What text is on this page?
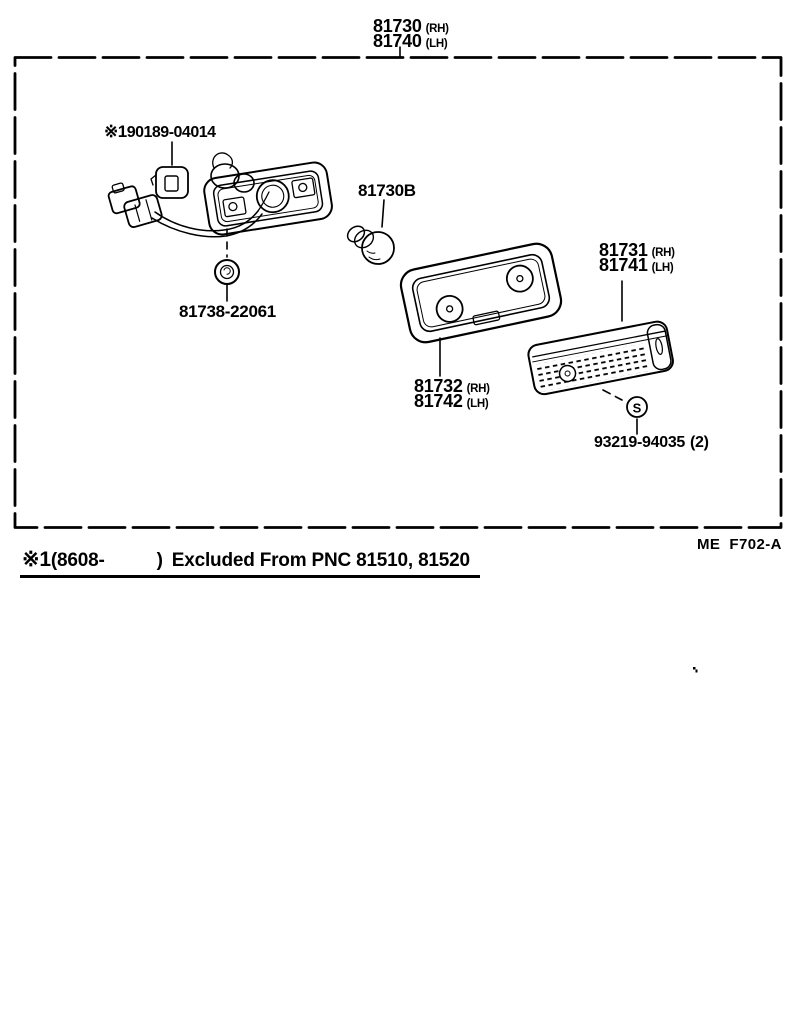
S
81730 (RH)
81740 (LH)
※190189-04014
81730B
81738-22061
81732 (RH)
81742 (LH)
81731 (RH)
81741 (LH)
93219-94035 (2)
ME  F702-A
※1(8608-	) Excluded From PNC 81510, 81520
